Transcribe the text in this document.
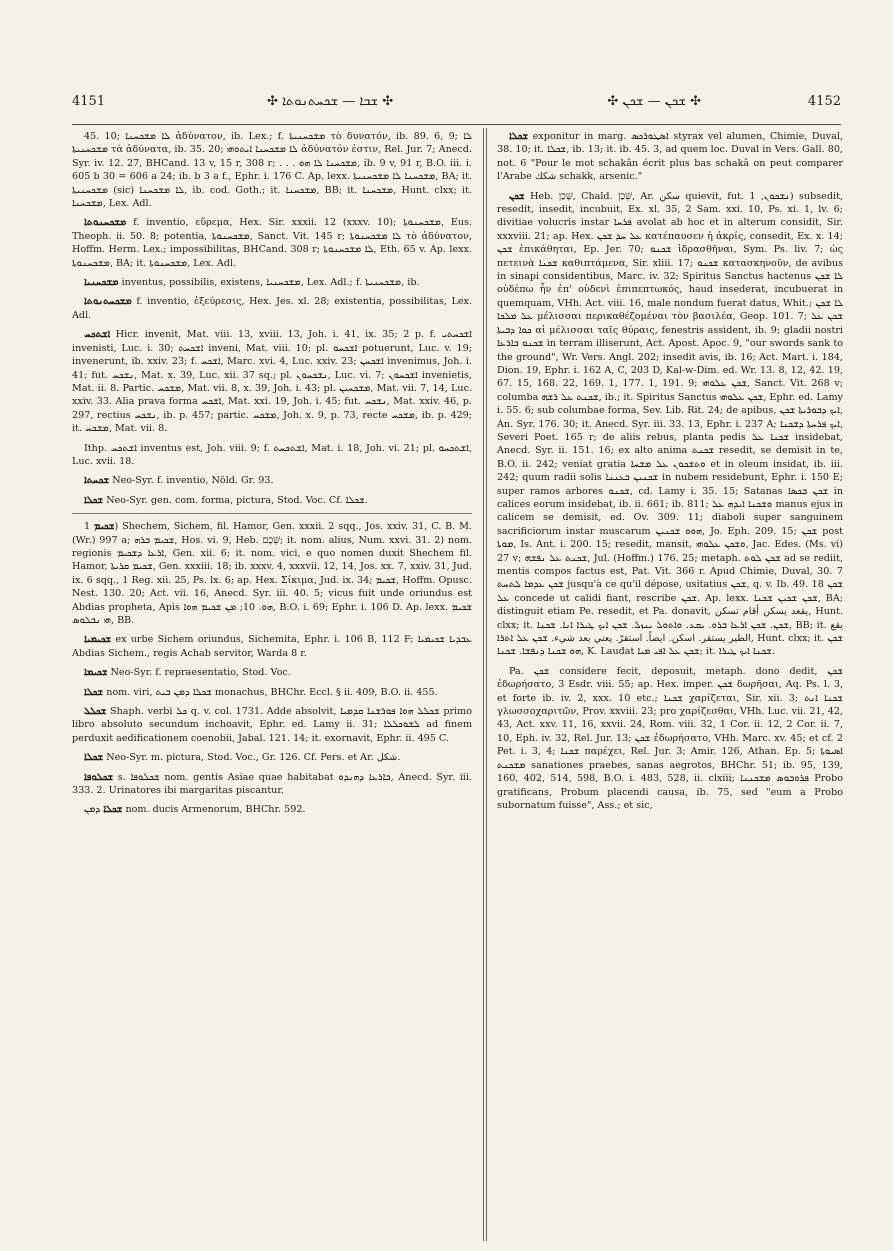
4151	✣ ܫܒܐ — ܫܟܚܬܢܘܬܐ ✣	✣ ܫܟܢ — ܫܟܢ ✣	4152

45. 10; ܠܐ ܡܫܟܚܢܐ ἀδύνατον, ib. Lex.; f. ܡܫܟܚܢܝܬܐ τὸ δυνατόν, ib. 89. 6, 9; ܠܐ ܡܫܟܚܢܝܬܐ τὰ ἀδύνατα, ib. 35. 20; ܠܐ ܡܫܟܚܢܐ ܐܝܬܘܗܝ ἀδύνατόν ἐστιν, Rel. Jur. 7; Anecd. Syr. iv. 12. 27, BHCand. 13 v, 15 r, 308 r; . . . ܡܫܟܚܢܐ ܠܐ ܗܘ, ib. 9 v, 91 r, B.O. iii. i. 605 b 30 = 606 a 24; ib. b 3 a f., Ephr. i. 176 C. Ap. lexx. ܡܫܟܚܢܐ ܠܐ ܡܫܟܚܢܝܬܐ, BA; it. ܡܫܟܚܢܝܬܐ (sic) ܠܐ ܡܫܟܚܢܐ, ib. cod. Goth.; it. ܡܫܟܚܢܐ, BB; it. ܡܫܟܚܢܐ, Hunt. clxx; it. ܡܫܟܚܢܐ, Lex. Adl.

ܡܫܟܚܢܘܬܐ f. inventio, εὕρεμα, Hex. Sir. xxxii. 12 (xxxv. 10); ܡܫܟܚܢܘܬܐ, Eus. Theoph. ii. 50. 8; potentia, ܡܫܟܚܢܘܬܐ, Sanct. Vit. 145 r; ܠܐ ܡܫܟܚܢܘܬܐ τὸ ἀδύνατον, Hoffm. Herm. Lex.; impossibilitas, BHCand. 308 r; ܠܐ ܡܫܟܚܢܘܬܐ, Eth. 65 v. Ap. lexx. ܡܫܟܚܢܘܬܐ, BA; it. ܡܫܟܚܢܘܬܐ, Lex. Adl.

ܡܫܟܚܢܝܐ inventus, possibilis, existens, ܡܫܟܚܢܝܐ, Lex. Adl.; f. ܡܫܟܚܢܝܬܐ, ib.

ܡܫܟܚܬܢܘܬܐ f. inventio, ἐξεύρεσις, Hex. Jes. xl. 28; existentia, possibilitas, Lex. Adl.

ܐܫܬܟܚ Hicr. invenit, Mat. viii. 13, xviii. 13, Joh. i. 41, ix. 35; 2 p. f. ܐܫܟܚܬܝ invenisti, Luc. i. 30; ܐܫܟܚܬ inveni, Mat. viii. 10; pl. ܐܫܟܚܘ potuerunt, Luc. v. 19; invenerunt, ib. xxiv. 23; f. ܐܫܟܚ, Marc. xvi. 4, Luc. xxiv. 23; ܐܫܟܚܢ invenimus, Joh. i. 41; fut. ܢܫܟܚ, Mat. x. 39, Luc. xii. 37 sq.; pl. ܢܫܟܚܘܢ, Luc. vi. 7; ܐܫܟܚܘܢ invenietis, Mat. ii. 8. Partic. ܡܫܟܚ, Mat. vii. 8, x. 39, Joh. i. 43; pl. ܡܫܟܚܝܢ, Mat. vii. 7, 14, Luc. xxiv. 33. Alia prava forma ܐܫܟܚ, Mat. xxi. 19, Joh. i. 45; fut. ܢܫܟܚ, Mat. xxiv. 46, p. 297, rectius ܢܫܟܚ, ib. p. 457; partic. ܡܫܟܚ, Joh. x. 9, p. 73, recte ܡܫܟܚ, ib. p. 429; it. ܡܫܟܚ, Mat. vii. 8.

Ithp. ܐܫܬܟܚ inventus est, Joh. viii. 9; f. ܐܫܬܟܚܬ, Mat. i. 18, Joh. vi. 21; pl. ܐܫܬܟܚܘ, Luc. xvii. 18.

ܫܟܚܬܐ Neo-Syr. f. inventio, Nöld. Gr. 93.

ܫܟܠܐ Neo-Syr. gen. com. forma, pictura, Stod. Voc. Cf. ܫܟܠܐ.

ܫܟܝܡ 1) Shechem, Sichem, fil. Hamor, Gen. xxxii. 2 sqq., Jos. xxiv. 31, C. B. M. (Wr.) 997 a; ܫܟܝܡ ܒܪܗ, Hos. vi. 9, Heb. שְׁכֶם; it. nom. alius, Num. xxvi. 31. 2) nom. regionis ܐܪܥܐ ܕܫܟܝܡ, Gen. xii. 6; it. nom. vici, e quo nomen duxit Shechem fil. Hamor, ܫܟܝܡ ܩܪܝܬܐ, Gen. xxxiii. 18; ib. xxxv. 4, xxxvii. 12, 14, Jos. xx. 7, xxiv. 31, Jud. ix. 6 sqq., 1 Reg. xii. 25, Ps. lx. 6; ap. Hex. Σίκιμα, Jud. ix. 34; ܫܟܝܡ, Hoffm. Opusc. Nest. 130. 20; Act. vii. 16, Anecd. Syr. iii. 40. 5; vicus fuit unde oriundus est Abdias propheta, Apis ܗܘ. 10; ܡܢ ܫܟܝܡ ܗܘܐ, B.O. i. 69; Ephr. i. 106 D. Ap. lexx. ܫܟܝܡ ܗܝ ܢܒܠܘܣ, BB.

ܫܟܝܡܝܐ ex urbe Sichem oriundus, Sichemita, Ephr. i. 106 B, 112 F; ܥܒܕܝܐ ܫܟܝܡܝܐ Abdias Sichem., regis Achab servitor, Warda 8 r.

ܫܟܝܡܐ Neo-Syr. f. repraesentatio, Stod. Voc.

ܫܟܠܐ nom. viri, ܫܟܠܐ ܕܡܢ ܒܝܬ monachus, BHChr. Eccl. § ii. 409, B.O. ii. 455.

ܫܟܠܠ Shaph. verbi ܟܠ q. v. col. 1731. Adde absolvit, ܫܟܠܠ ܗܘܐ ܦܘܪܫܢܐ ܩܕܡܝܐ primo libro absoluto secundum inchoavit, Ephr. ed. Lamy ii. 31; ܠܫܘܟܠܠܐ ad finem perduxit aedificationem coenobii, Jabal. 121. 14; it. exornavit, Ephr. ii. 495 C.

ܫܟܠܐ Neo-Syr. m. pictura, Stod. Voc., Gr. 126. Cf. Pers. et Ar. شكل.

ܫܟܠܘܦܐ s. ܫܟܠܘܦܐ nom. gentis Asiae quae habitabat ܒܐܪܥܐ ܕܗܢܕܘ, Anecd. Syr. iii. 333. 2. Urinatores ibi margaritas piscantur.

ܫܟܠܐ ܕܡܢ nom. ducis Armenorum, BHChr. 592.

ܫܟܠܐ exponitur in marg. ܐܣܛܘܪܟܣ styrax vel alumen, Chimie, Duval, 38. 10; it. ܫܟܠܐ, ib. 13; it. ib. 45. 3, ad quem loc. Duval in Vers. Gall. 80, not. 6 "Pour le mot schakân écrit plus bas schakâ on peut comparer l'Arabe شكك schakk, arsenic."

ܫܟܢ Heb. שָׁכַן, Chald. שְׁכַן, Ar. سكن quievit, fut. ܢܫܟܘܢ, 1) subsedit, resedit, insedit, incubuit, Ex. xl. 35, 2 Sam. xxi. 10, Ps. xi. 1, lv. 6; divitiae volucris instar ܦܪܚܐ avolat ab hoc et in alterum considit, Sir. xxxviii. 21; ap. Hex. ܥܠ ܚܕ ܫܟܢ κατέπαυσεν ἡ ἀκρίς, consedit, Ex. x. 14; ܫܟܢ ἐπικάθηται, Ep. Jer. 70; ܫܟܢܘ ἱδρασθῆναι, Sym. Ps. liv. 7; ὡς πετεινὰ ܫܟܢܐ καθιπτάμενα, Sir. xliii. 17; ܫܟܢܘ κατασκηνοῦν, de avibus in sinapi considentibus, Marc. iv. 32; Spiritus Sanctus hactenus ܠܐ ܫܟܢ οὐδέπω ἦν ἐπ' οὐδενὶ ἐπιπεπτωκός, haud insederat, incubuerat in quemquam, VHh. Act. viii. 16, male nondum fuerat datus, Whit.; ܠܐ ܫܟܢ ܥܠ ܡܠܟܐ μέλισσαι περικαθέζομέναι τὸν βασιλέα, Geop. 101. 7; ܫܟܢ ܥܠ ܟܘܐ ܕܒܝܬܐ αἱ μέλισσαι ταῖς θύραις, fenestris assident, ib. 9; gladii nostri ܫܟܢܘ ܒܐܪܥܐ in terram illiserunt, Act. Apost. Apoc. 9, "our swords sank to the ground", Wr. Vers. Angl. 202; insedit avis, ib. 16; Act. Mart. i. 184, Dion. 19, Ephr. i. 162 A, C, 203 D, Kal-w-Dim. ed. Wr. 13. 8, 12, 42. 19, 67. 15, 168. 22, 169. 1, 177. 1, 191. 9; ܫܟܢ ܥܠܘܗܝ, Sanct. Vit. 268 v; columba ܫܟܢܬ ܥܠ ܪܫܗ, ib.; it. Spiritus Sanctus ܫܟܢ ܥܠܘܗܝ, Ephr. ed. Lamy i. 55. 6; sub columbae forma, Sev. Lib. Rit. 24; de apibus, ܐܝܟ ܕܒܘܪܝܬܐ ܫܟܢ, An. Syr. 176. 30; it. Anecd. Syr. iii. 33. 13, Ephr. i. 237 A; ܐܝܟ ܦܪܚܬܐ ܕܫܟܢܐ, Severi Poet. 165 r; de aliis rebus, planta pedis ܫܟܢܐ ܥܠ insidebat, Anecd. Syr. ii. 151. 16; ex alto anima ܫܟܢܬ resedit, se demisit in te, B.O. ii. 242; veniat gratia ܘܬܫܟܘܢ ܥܠ ܡܫܚܐ et in oleum insidat, ib. iii. 242; quum radii solis ܫܟܢܝܢ ܒܥܢܢܐ in nubem residebunt, Ephr. i. 150 E; super ramos arbores ܫܟܢܘ, cd. Lamy i. 35. 15; Satanas ܫܟܢ ܒܟܣܐ in calices eorum insidebat, ib. ii. 661; ib. 811; ܘܫܟܢܐ ܐܝܕܗ ܥܠ manus ejus in calicem se demisit, ed. Ov. 309. 11; diaboli super sanguinem sacrificiorum instar muscarum ܗܘܘ ܫܟܢܝܢ, Jo. Eph. 209. 15; ܫܟܢ post ܡܘܬܐ, Is. Ant. i. 200. 15; resedit, mansit, ܘܫܟܢ ܥܠܘܗܝ, Jac. Edes. (Ms. vi) 27 v; ܫܟܢܬ ܥܠ ܢܦܫܗ, Jul. (Hoffm.) 176. 25; metaph. ܫܟܢ ܠܘܬ ad se rediit, mentis compos factus est, Pat. Vit. 366 r. Apud Chimie, Duval, 30. 7 ܫܟܢ ܥܕܡܐ ܠܬܚܬ jusqu'à ce qu'il dépose, usitatius ܫܟܢ, q. v. Ib. 49. 18 ܫܟܢ ܥܠ concede ut calidi fiant, rescribe ܫܟܢ. Ap. lexx. ܫܟܢ ܫܟܝܢ ܫܟܢܐ, BA; distinguit etiam Pe. resedit, et Pa. donavit, يقعد يسكن أقام تسكن, Hunt. clxx; it. ܫܟܢ. ܫܟܢ ܐܪܥܐ ܒܪܘ. ܝܩܥ. ܘܐܬܘܠ ܝܢܙܠ. ܫܟܢ ܐܝܟ ܛܝܪܐ ܐܢܐ. ܫܟܢܐ, BB; it. يقع الطير يستقر. اسكن. ايضاً. استقرّ. يعني بعد شيء. ܫܟܢ ܥܠ ܐܬܪܐ, Hunt. clxx; it. ܫܟܢ ܗܘ ܫܟܢܐ ܕܢܦܫܐ. ܫܟܢܐ, K. Laudat ܫܟܢ ܥܠ ܐܦܝ ܡܝܐ; it. ܫܟܢܐ ܐܝܟ ܛܝܪܐ.

Pa. ܫܟܢ considere fecit, deposuit, metaph. dono dedit, ܫܟܢ ἐδωρήσατο, 3 Esdr. viii. 55; ap. Hex. imper. ܫܟܢ δωρῆσαι, Aq. Ps. l. 3, et forte ib. iv. 2, xxx. 10 etc.; ܫܟܢܐ χαρίζεται, Sir. xii. 3; ܫܟܢܐ ܐܢܬ γλωσσοχαριτῶν, Prov. xxviii. 23; pro χαρίζεσθαι, VHh. Luc. vii. 21, 42, 43, Act. xxv. 11, 16, xxvii. 24, Rom. viii. 32, 1 Cor. ii. 12, 2 Cor. ii. 7, 10, Eph. iv. 32, Rel. Jur. 13; ܫܟܢ ἐδωρήσατο, VHh. Marc. xv. 45; et cf. 2 Pet. i. 3, 4; ܫܟܢܐ παρέχει, Rel. Jur. 3; Amir. 126, Athan. Ep. 5; ܐܣܝܘܬܐ ܡܫܟܢܬ sanationes praebes, sanas aegrotos, BHChr. 51; ib. 95, 139, 160, 402, 514, 598, B.O. i. 483, 528, ii. clxiii; ܦܪܘܒܘܣ ܡܫܟܢܢܐ Probo gratificans, Probum placendi causa, ib. 75, sed "eum a Probo subornatum fuisse", Ass.; et sic,
